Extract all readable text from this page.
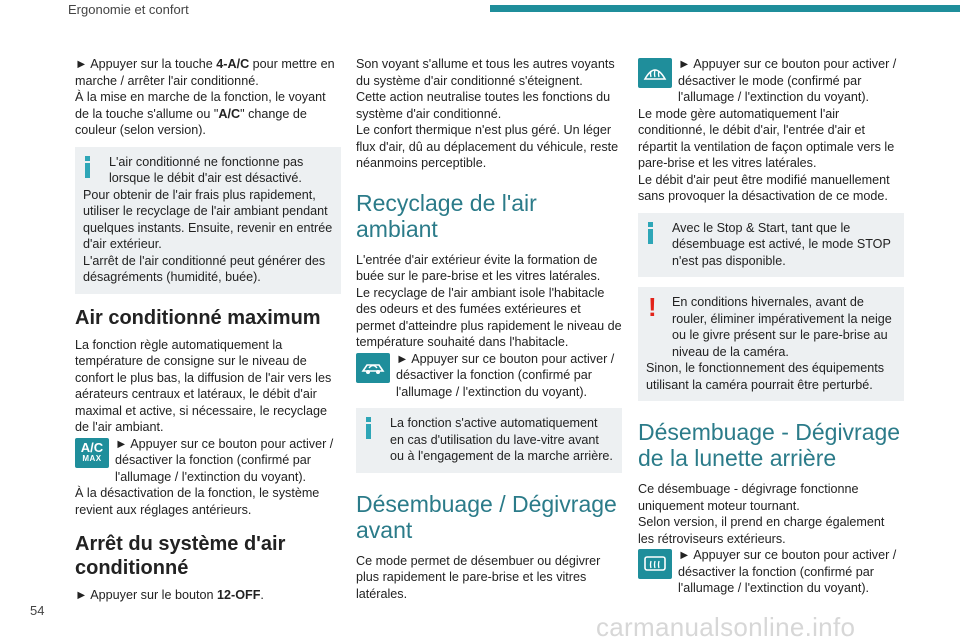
Ergonomie et confort

► Appuyer sur la touche 4-A/C pour mettre en marche / arrêter l'air conditionné.

À la mise en marche de la fonction, le voyant de la touche s'allume ou "A/C" change de couleur (selon version).

L'air conditionné ne fonctionne pas lorsque le débit d'air est désactivé.

Pour obtenir de l'air frais plus rapidement, utiliser le recyclage de l'air ambiant pendant quelques instants. Ensuite, revenir en entrée d'air extérieur.

L'arrêt de l'air conditionné peut générer des désagréments (humidité, buée).

Air conditionné maximum

La fonction règle automatiquement la température de consigne sur le niveau de confort le plus bas, la diffusion de l'air vers les aérateurs centraux et latéraux, le débit d'air maximal et active, si nécessaire, le recyclage de l'air ambiant.

A/C
MAX
► Appuyer sur ce bouton pour activer / désactiver la fonction (confirmé par l'allumage / l'extinction du voyant).

À la désactivation de la fonction, le système revient aux réglages antérieurs.

Arrêt du système d'air conditionné

► Appuyer sur le bouton 12-OFF.

Son voyant s'allume et tous les autres voyants du système d'air conditionné s'éteignent.

Cette action neutralise toutes les fonctions du système d'air conditionné.

Le confort thermique n'est plus géré. Un léger flux d'air, dû au déplacement du véhicule, reste néanmoins perceptible.

Recyclage de l'air ambiant

L'entrée d'air extérieur évite la formation de buée sur le pare-brise et les vitres latérales.

Le recyclage de l'air ambiant isole l'habitacle des odeurs et des fumées extérieures et permet d'atteindre plus rapidement le niveau de température souhaité dans l'habitacle.

► Appuyer sur ce bouton pour activer / désactiver la fonction (confirmé par l'allumage / l'extinction du voyant).

La fonction s'active automatiquement en cas d'utilisation du lave-vitre avant ou à l'engagement de la marche arrière.

Désembuage / Dégivrage avant

Ce mode permet de désembuer ou dégivrer plus rapidement le pare-brise et les vitres latérales.

► Appuyer sur ce bouton pour activer / désactiver le mode (confirmé par l'allumage / l'extinction du voyant).

Le mode gère automatiquement l'air conditionné, le débit d'air, l'entrée d'air et répartit la ventilation de façon optimale vers le pare-brise et les vitres latérales.

Le débit d'air peut être modifié manuellement sans provoquer la désactivation de ce mode.

Avec le Stop & Start, tant que le désembuage est activé, le mode STOP n'est pas disponible.

!	En conditions hivernales, avant de rouler, éliminer impérativement la neige ou le givre présent sur le pare-brise au niveau de la caméra.

Sinon, le fonctionnement des équipements utilisant la caméra pourrait être perturbé.

Désembuage - Dégivrage de la lunette arrière

Ce désembuage - dégivrage fonctionne uniquement moteur tournant.

Selon version, il prend en charge également les rétroviseurs extérieurs.

► Appuyer sur ce bouton pour activer / désactiver la fonction (confirmé par l'allumage / l'extinction du voyant).
54
carmanualsonline.info
